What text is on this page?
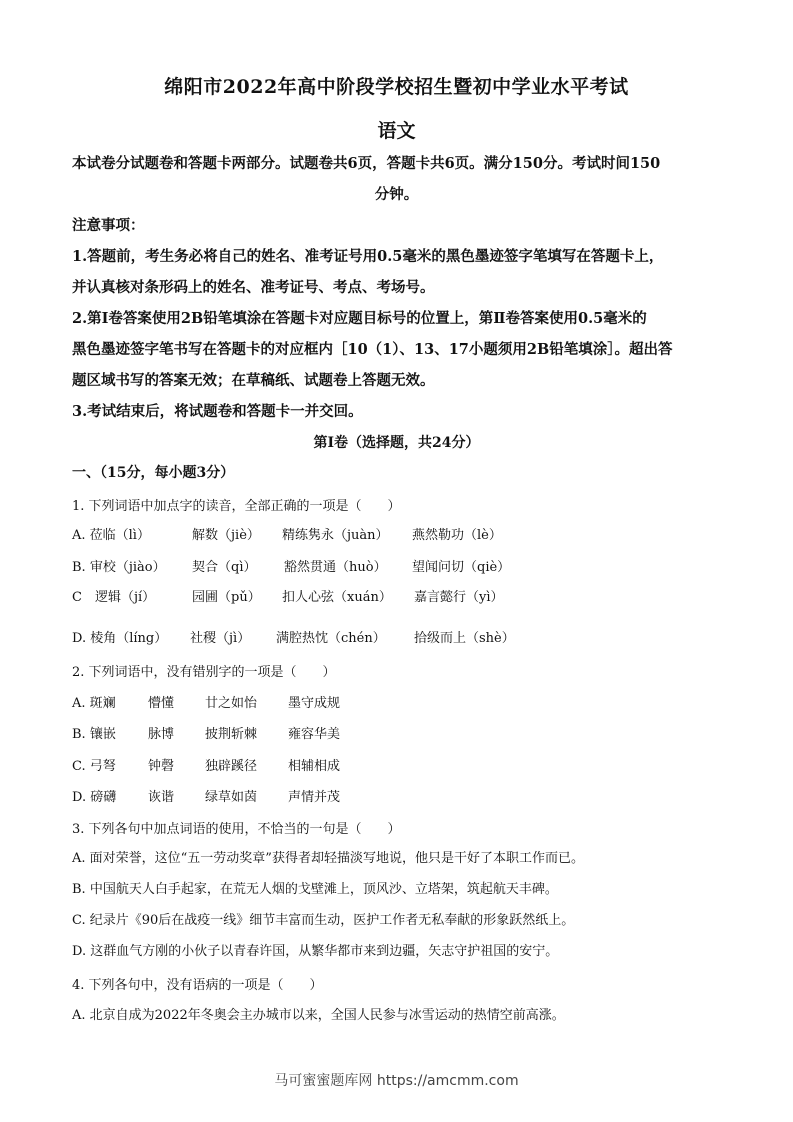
绵阳市2022年高中阶段学校招生暨初中学业水平考试
语文
本试卷分试题卷和答题卡两部分。试题卷共6页，答题卡共6页。满分150分。考试时间150
分钟。
注意事项：
1.答题前，考生务必将自己的姓名、准考证号用0.5毫米的黑色墨迹签字笔填写在答题卡上，
并认真核对条形码上的姓名、准考证号、考点、考场号。
2.第Ⅰ卷答案使用2B铅笔填涂在答题卡对应题目标号的位置上，第Ⅱ卷答案使用0.5毫米的
黑色墨迹签字笔书写在答题卡的对应框内［10（1）、13、17小题须用2B铅笔填涂］。超出答
题区域书写的答案无效；在草稿纸、试题卷上答题无效。
3.考试结束后，将试题卷和答题卡一并交回。
第Ⅰ卷（选择题，共24分）
一、（15分，每小题3分）
1. 下列词语中加点字的读音，全部正确的一项是（　　）
A. 莅临（lì）	解数（jiè） 精练隽永（juàn） 燕然勒功（lè）
B. 审校（jiào） 契合（qì） 豁然贯通（huò） 望闻问切（qiè）
C　逻辑（jí）	园圃（pǔ） 扣人心弦（xuán） 嘉言懿行（yì）
D. 棱角（líng） 社稷（jì） 满腔热忱（chén） 拾级而上（shè）
2. 下列词语中，没有错别字的一项是（　　）
A. 斑斓 懵懂 廿之如怡 墨守成规
B. 镶嵌 脉博 披荆斩棘 雍容华美
C. 弓弩 钟磬 独辟蹊径 相辅相成
D. 磅礴 诙谐 绿草如茵 声情并茂
3. 下列各句中加点词语的使用，不恰当的一句是（　　）
A. 面对荣誉，这位“五一劳动奖章”获得者却轻描淡写地说，他只是干好了本职工作而已。
B. 中国航天人白手起家，在荒无人烟的戈壁滩上，顶风沙、立塔架，筑起航天丰碑。
C. 纪录片《90后在战疫一线》细节丰富而生动，医护工作者无私奉献的形象跃然纸上。
D. 这群血气方刚的小伙子以青春许国，从繁华都市来到边疆，矢志守护祖国的安宁。
4. 下列各句中，没有语病的一项是（　　）
A. 北京自成为2022年冬奥会主办城市以来，全国人民参与冰雪运动的热情空前高涨。
马可蜜蜜题库网 https://amcmm.com
